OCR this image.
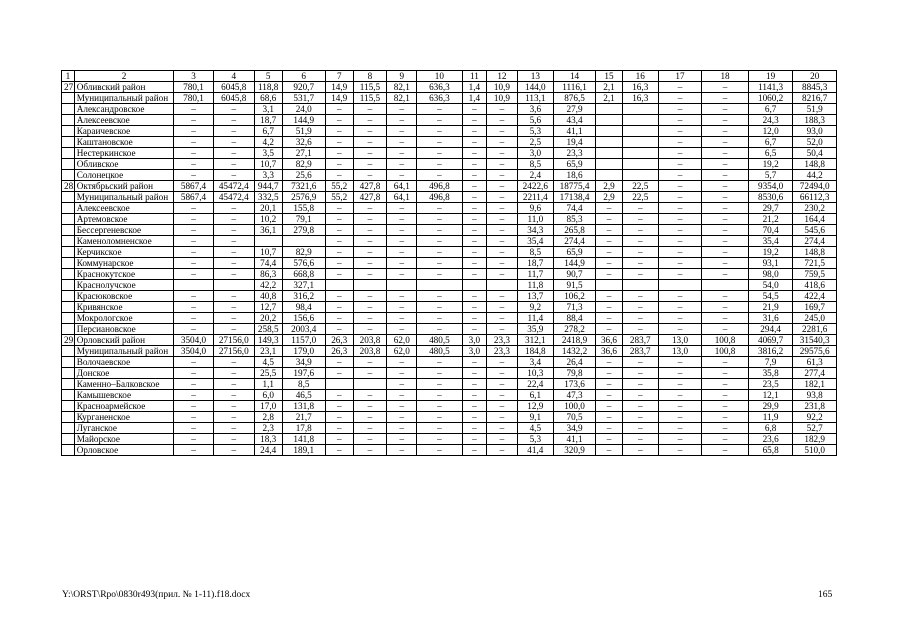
1	2	3	4	5	6	7	8	9	10	11	12	13	14	15	16	17	18	19	20
27.	Обливский район	780,1	6045,8	118,8	920,7	14,9	115,5	82,1	636,3	1,4	10,9	144,0	1116,1	2,1	16,3	–	–	1141,3	8845,3
	Муниципальный район	780,1	6045,8	68,6	531,7	14,9	115,5	82,1	636,3	1,4	10,9	113,1	876,5	2,1	16,3	–	–	1060,2	8216,7
	Александровское	–	–	3,1	24,0	–	–	–	–	–	–	3,6	27,9			–	–	6,7	51,9
	Алексеевское	–	–	18,7	144,9	–	–	–	–	–	–	5,6	43,4			–	–	24,3	188,3
	Караичевское	–	–	6,7	51,9	–	–	–	–	–	–	5,3	41,1			–	–	12,0	93,0
	Каштановское	–	–	4,2	32,6	–	–	–	–	–	–	2,5	19,4			–	–	6,7	52,0
	Нестеркинское	–	–	3,5	27,1	–	–	–	–	–	–	3,0	23,3			–	–	6,5	50,4
	Обливское	–	–	10,7	82,9	–	–	–	–	–	–	8,5	65,9			–	–	19,2	148,8
	Солонецкое	–	–	3,3	25,6	–	–	–	–	–	–	2,4	18,6			–	–	5,7	44,2
28.	Октябрьский район	5867,4	45472,4	944,7	7321,6	55,2	427,8	64,1	496,8	–	–	2422,6	18775,4	2,9	22,5	–	–	9354,0	72494,0
	Муниципальный район	5867,4	45472,4	332,5	2576,9	55,2	427,8	64,1	496,8	–	–	2211,4	17138,4	2,9	22,5	–	–	8530,6	66112,3
	Алексеевское	–	–	20,1	155,8	–	–	–	–	–	–	9,6	74,4	–	–	–	–	29,7	230,2
	Артемовское	–	–	10,2	79,1	–	–	–	–	–	–	11,0	85,3	–	–	–	–	21,2	164,4
	Бессергеневское	–	–	36,1	279,8	–	–	–	–	–	–	34,3	265,8	–	–	–	–	70,4	545,6
	Каменоломненское	–	–			–	–	–	–	–	–	35,4	274,4	–	–	–	–	35,4	274,4
	Керчикское	–	–	10,7	82,9	–	–	–	–	–	–	8,5	65,9	–	–	–	–	19,2	148,8
	Коммунарское	–	–	74,4	576,6	–	–	–	–	–	–	18,7	144,9	–	–	–	–	93,1	721,5
	Краснокутское	–	–	86,3	668,8	–	–	–	–	–	–	11,7	90,7	–	–	–	–	98,0	759,5
	Краснолучское			42,2	327,1							11,8	91,5					54,0	418,6
	Красюковское	–	–	40,8	316,2	–	–	–	–	–	–	13,7	106,2	–	–	–	–	54,5	422,4
	Кривянское	–	–	12,7	98,4	–	–	–	–	–	–	9,2	71,3	–	–	–	–	21,9	169,7
	Мокрологское	–	–	20,2	156,6	–	–	–	–	–	–	11,4	88,4	–	–	–	–	31,6	245,0
	Персиановское	–	–	258,5	2003,4	–	–	–	–	–	–	35,9	278,2	–	–	–	–	294,4	2281,6
29.	Орловский район	3504,0	27156,0	149,3	1157,0	26,3	203,8	62,0	480,5	3,0	23,3	312,1	2418,9	36,6	283,7	13,0	100,8	4069,7	31540,3
	Муниципальный район	3504,0	27156,0	23,1	179,0	26,3	203,8	62,0	480,5	3,0	23,3	184,8	1432,2	36,6	283,7	13,0	100,8	3816,2	29575,6
	Волочаевское	–	–	4,5	34,9	–	–	–	–	–	–	3,4	26,4	–	–	–	–	7,9	61,3
	Донское	–	–	25,5	197,6	–	–	–	–	–	–	10,3	79,8	–	–	–	–	35,8	277,4
	Каменно–Балковское	–	–	1,1	8,5			–	–	–	–	22,4	173,6	–	–	–	–	23,5	182,1
	Камышевское	–	–	6,0	46,5	–	–	–	–	–	–	6,1	47,3	–	–	–	–	12,1	93,8
	Красноармейское	–	–	17,0	131,8	–	–	–	–	–	–	12,9	100,0	–	–	–	–	29,9	231,8
	Курганенское	–	–	2,8	21,7	–	–	–	–	–	–	9,1	70,5	–	–	–	–	11,9	92,2
	Луганское	–	–	2,3	17,8	–	–	–	–	–	–	4,5	34,9	–	–	–	–	6,8	52,7
	Майорское	–	–	18,3	141,8	–	–	–	–	–	–	5,3	41,1	–	–	–	–	23,6	182,9
	Орловское	–	–	24,4	189,1	–	–	–	–	–	–	41,4	320,9	–	–	–	–	65,8	510,0
Y:\ORST\Rpo\0830r493(прил. № 1-11).f18.docx	165
